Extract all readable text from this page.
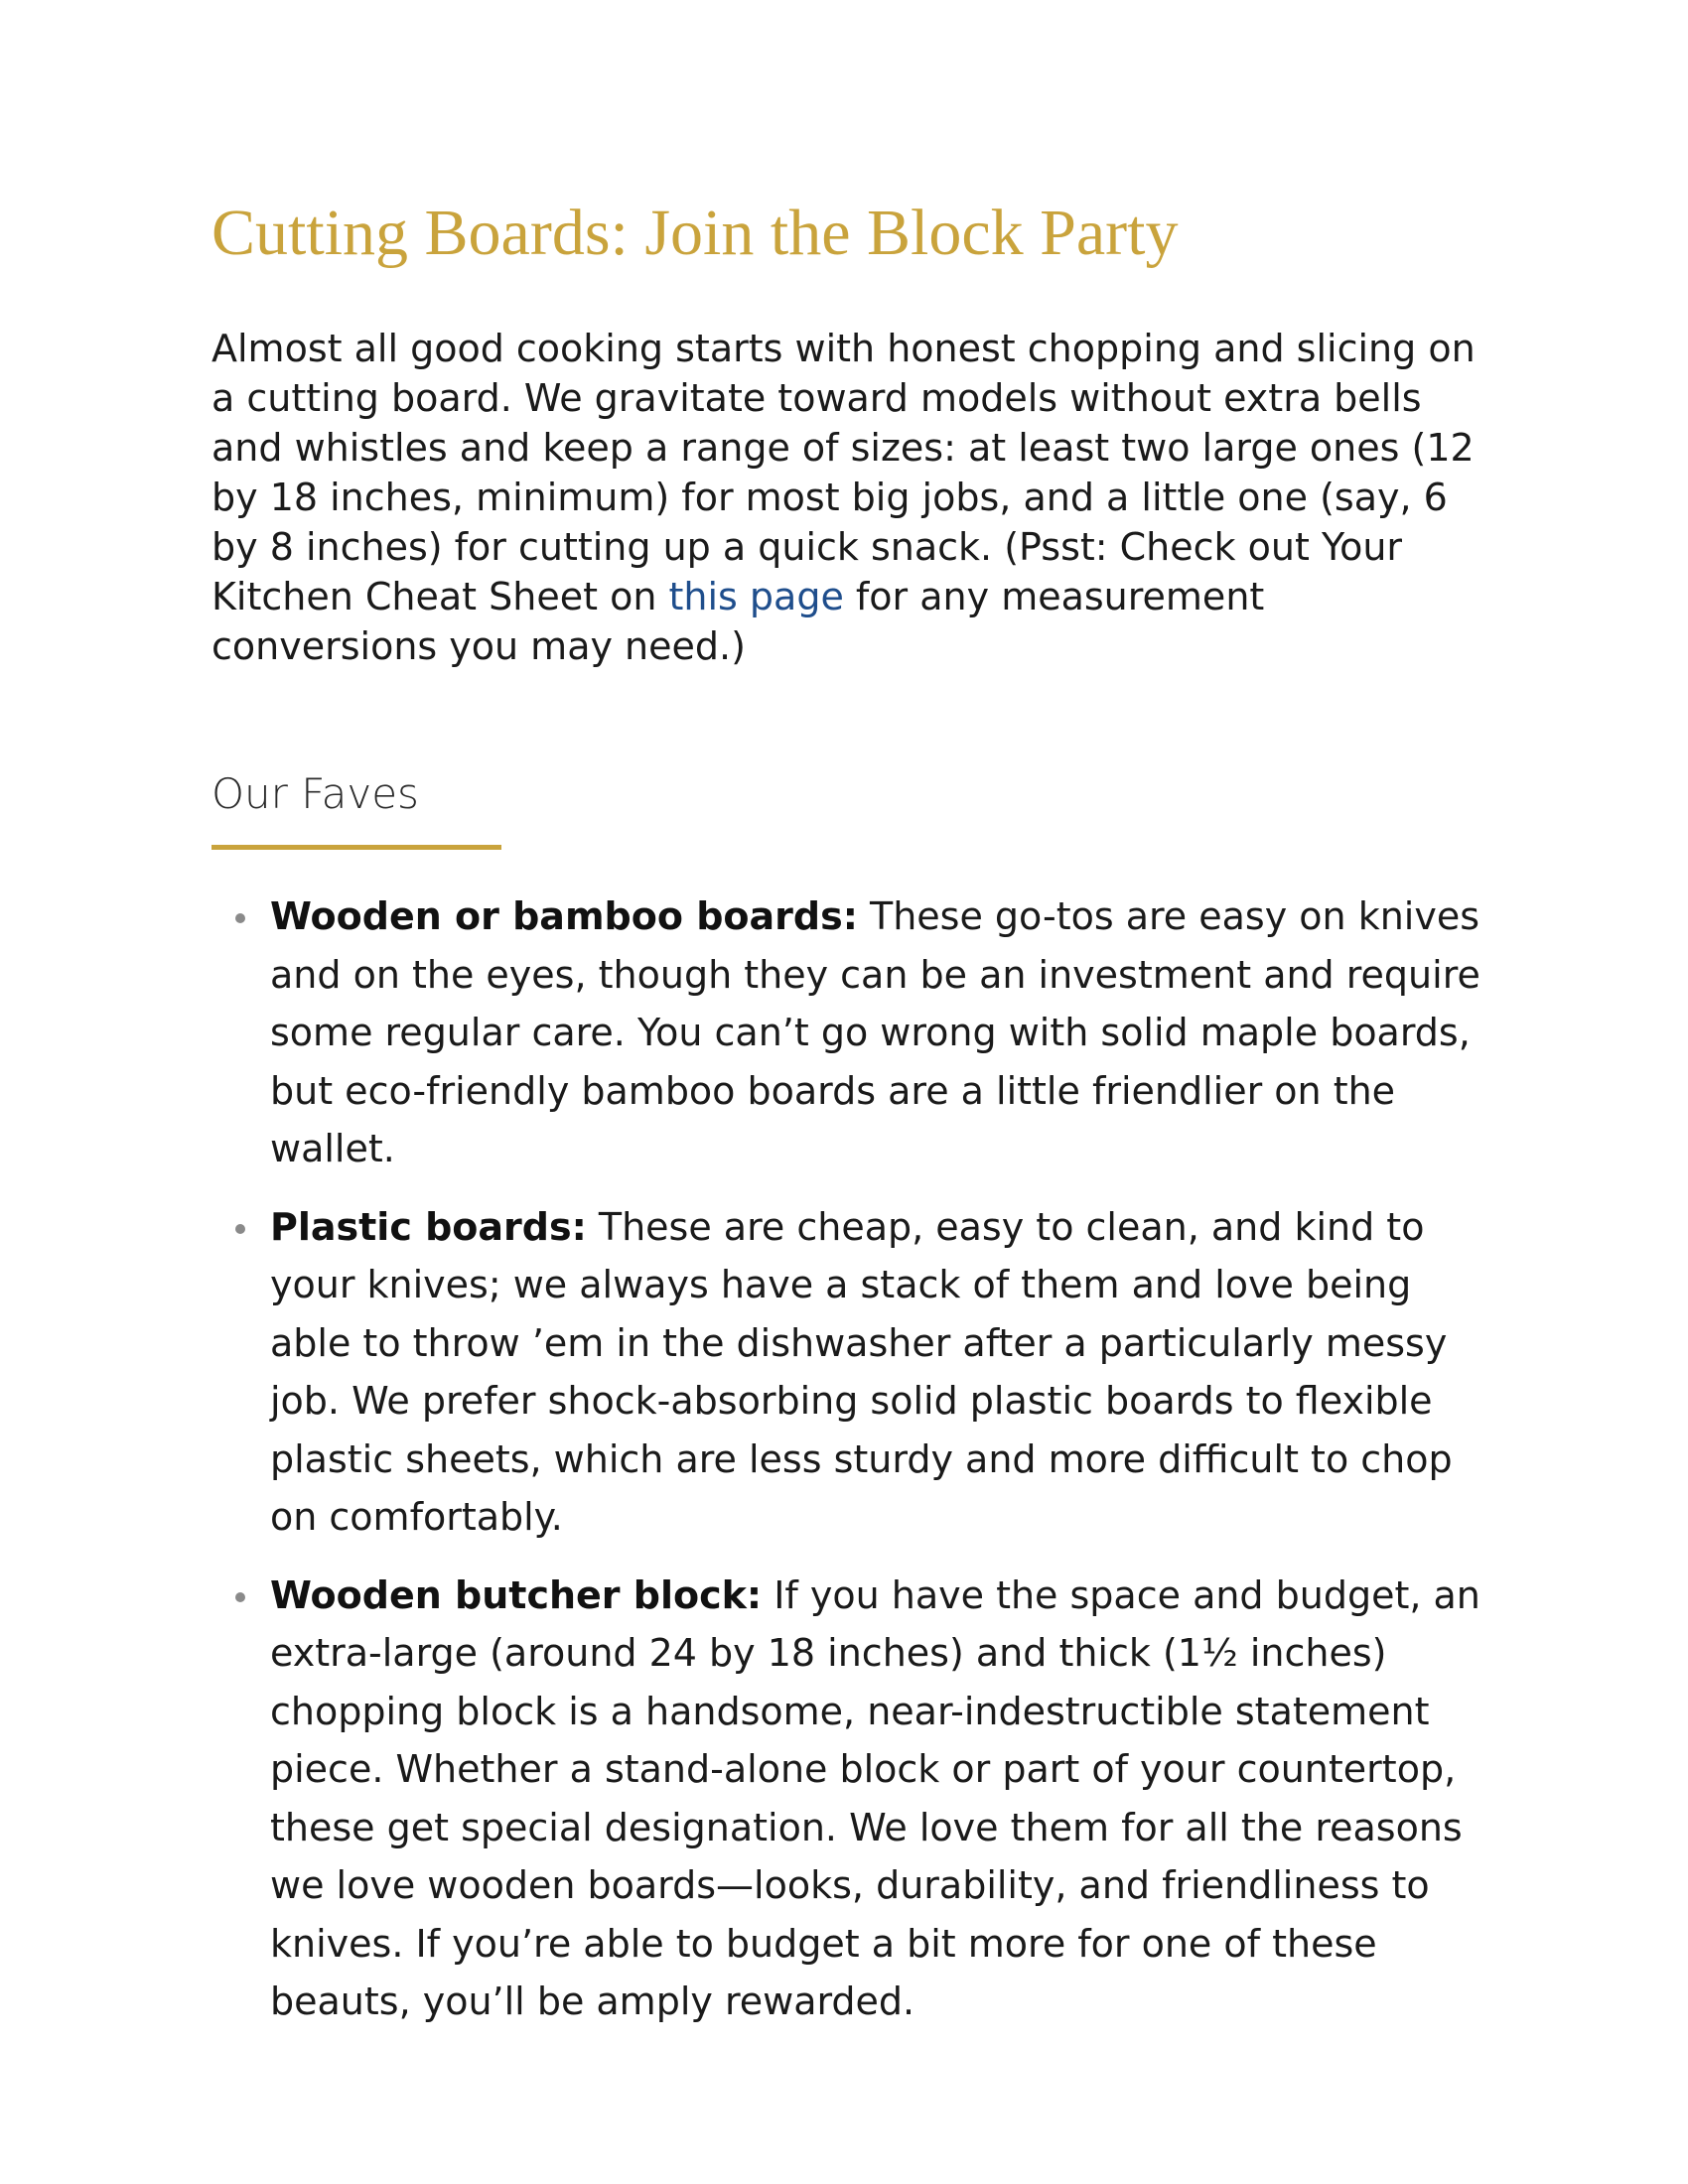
Cutting Boards: Join the Block Party

Almost all good cooking starts with honest chopping and slicing on a cutting board. We gravitate toward models without extra bells and whistles and keep a range of sizes: at least two large ones (12 by 18 inches, minimum) for most big jobs, and a little one (say, 6 by 8 inches) for cutting up a quick snack. (Psst: Check out Your Kitchen Cheat Sheet on this page for any measurement conversions you may need.)

Our Faves
Wooden or bamboo boards: These go-tos are easy on knives and on the eyes, though they can be an investment and require some regular care. You can’t go wrong with solid maple boards, but eco-friendly bamboo boards are a little friendlier on the wallet.
Plastic boards: These are cheap, easy to clean, and kind to your knives; we always have a stack of them and love being able to throw ’em in the dishwasher after a particularly messy job. We prefer shock-absorbing solid plastic boards to flexible plastic sheets, which are less sturdy and more difficult to chop on comfortably.
Wooden butcher block: If you have the space and budget, an extra-large (around 24 by 18 inches) and thick (1½ inches) chopping block is a handsome, near-indestructible statement piece. Whether a stand-alone block or part of your countertop, these get special designation. We love them for all the reasons we love wooden boards—looks, durability, and friendliness to knives. If you’re able to budget a bit more for one of these beauts, you’ll be amply rewarded.
